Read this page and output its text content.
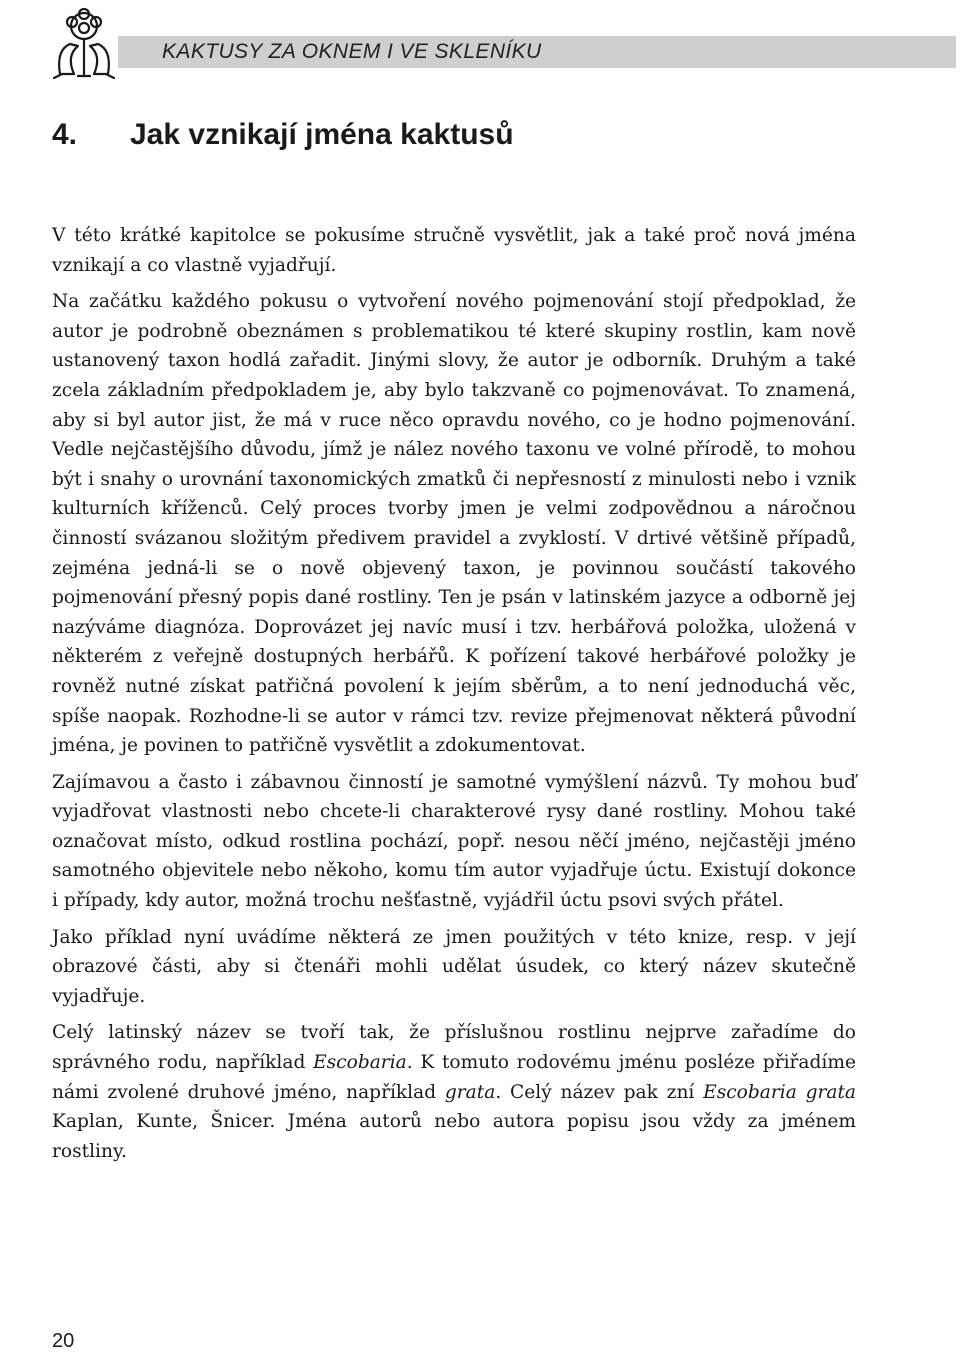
KAKTUSY ZA OKNEM I VE SKLENÍKU
4. Jak vznikají jména kaktusů

V této krátké kapitolce se pokusíme stručně vysvětlit, jak a také proč nová jména vznikají a co vlastně vyjadřují.

Na začátku každého pokusu o vytvoření nového pojmenování stojí předpoklad, že autor je podrobně obeznámen s problematikou té které skupiny rostlin, kam nově ustanovený taxon hodlá zařadit. Jinými slovy, že autor je odborník. Druhým a také zcela základním předpokladem je, aby bylo takzvaně co pojmenovávat. To znamená, aby si byl autor jist, že má v ruce něco opravdu nového, co je hodno pojmenování. Vedle nejčastějšího důvodu, jímž je nález nového taxonu ve volné přírodě, to mohou být i snahy o urovnání taxonomických zmatků či nepřesností z minulosti nebo i vznik kulturních kříženců. Celý proces tvorby jmen je velmi zodpovědnou a náročnou činností svázanou složitým předivem pravidel a zvyklostí. V drtivé většině případů, zejména jedná-li se o nově objevený taxon, je povinnou součástí takového pojmenování přesný popis dané rostliny. Ten je psán v latinském jazyce a odborně jej nazýváme diagnóza. Doprovázet jej navíc musí i tzv. herbářová položka, uložená v některém z veřejně dostupných herbářů. K pořízení takové herbářové položky je rovněž nutné získat patřičná povolení k jejím sběrům, a to není jednoduchá věc, spíše naopak. Rozhodne-li se autor v rámci tzv. revize přejmenovat některá původní jména, je povinen to patřičně vysvětlit a zdokumentovat.

Zajímavou a často i zábavnou činností je samotné vymýšlení názvů. Ty mohou buď vyjadřovat vlastnosti nebo chcete-li charakterové rysy dané rostliny. Mohou také označovat místo, odkud rostlina pochází, popř. nesou něčí jméno, nejčastěji jméno samotného objevitele nebo někoho, komu tím autor vyjadřuje úctu. Existují dokonce i případy, kdy autor, možná trochu nešťastně, vyjádřil úctu psovi svých přátel.

Jako příklad nyní uvádíme některá ze jmen použitých v této knize, resp. v její obrazové části, aby si čtenáři mohli udělat úsudek, co který název skutečně vyjadřuje.

Celý latinský název se tvoří tak, že příslušnou rostlinu nejprve zařadíme do správného rodu, například Escobaria. K tomuto rodovému jménu posléze přiřadíme námi zvolené druhové jméno, například grata. Celý název pak zní Escobaria grata Kaplan, Kunte, Šnicer. Jména autorů nebo autora popisu jsou vždy za jménem rostliny.

20
